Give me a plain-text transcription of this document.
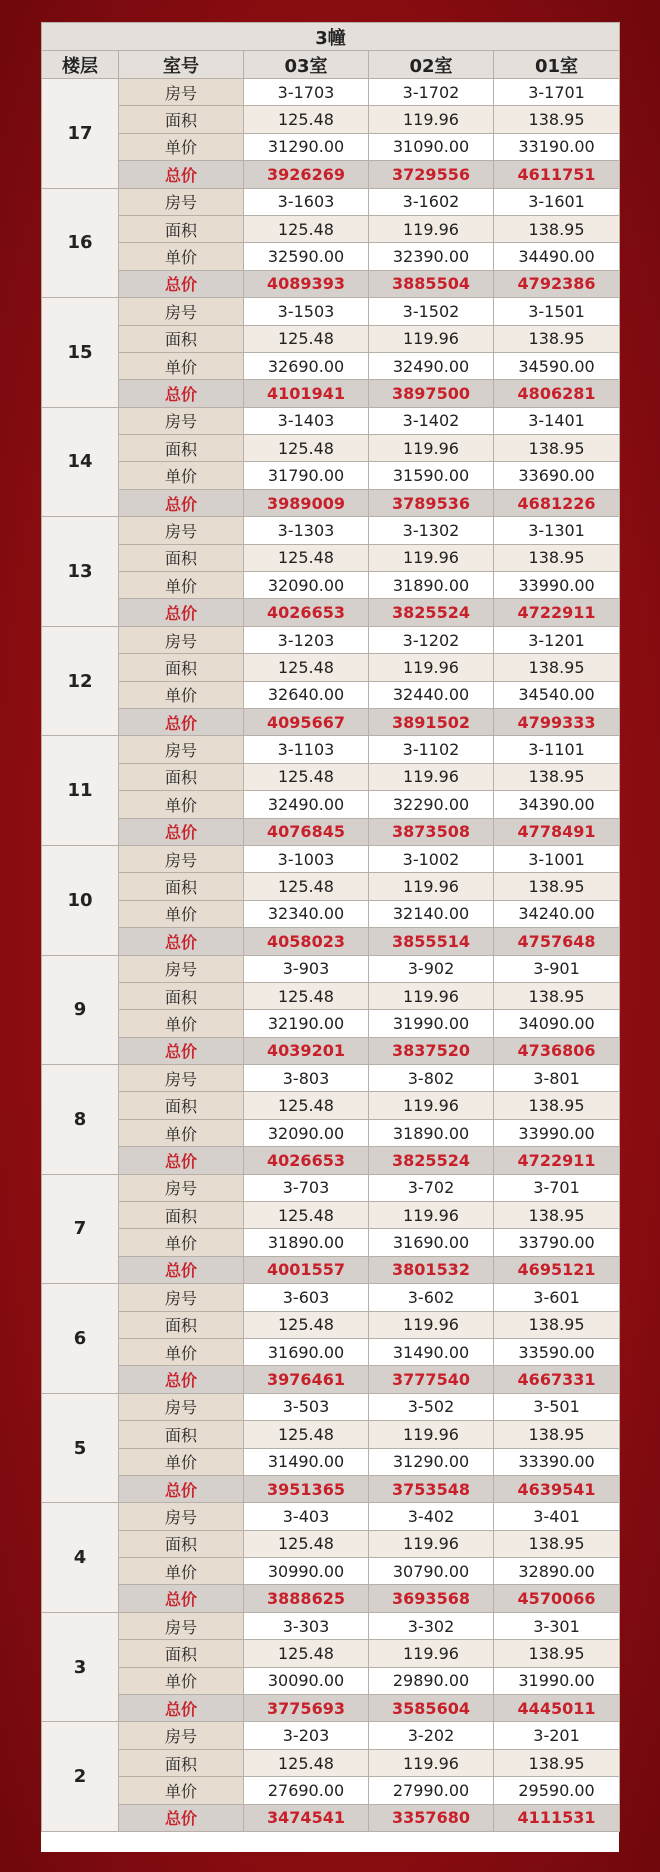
3幢				
楼层	室号	03室	02室	01室
17	房号	3-1703	3-1702	3-1701
	面积	125.48	119.96	138.95
	单价	31290.00	31090.00	33190.00
	总价	3926269	3729556	4611751
16	房号	3-1603	3-1602	3-1601
	面积	125.48	119.96	138.95
	单价	32590.00	32390.00	34490.00
	总价	4089393	3885504	4792386
15	房号	3-1503	3-1502	3-1501
	面积	125.48	119.96	138.95
	单价	32690.00	32490.00	34590.00
	总价	4101941	3897500	4806281
14	房号	3-1403	3-1402	3-1401
	面积	125.48	119.96	138.95
	单价	31790.00	31590.00	33690.00
	总价	3989009	3789536	4681226
13	房号	3-1303	3-1302	3-1301
	面积	125.48	119.96	138.95
	单价	32090.00	31890.00	33990.00
	总价	4026653	3825524	4722911
12	房号	3-1203	3-1202	3-1201
	面积	125.48	119.96	138.95
	单价	32640.00	32440.00	34540.00
	总价	4095667	3891502	4799333
11	房号	3-1103	3-1102	3-1101
	面积	125.48	119.96	138.95
	单价	32490.00	32290.00	34390.00
	总价	4076845	3873508	4778491
10	房号	3-1003	3-1002	3-1001
	面积	125.48	119.96	138.95
	单价	32340.00	32140.00	34240.00
	总价	4058023	3855514	4757648
9	房号	3-903	3-902	3-901
	面积	125.48	119.96	138.95
	单价	32190.00	31990.00	34090.00
	总价	4039201	3837520	4736806
8	房号	3-803	3-802	3-801
	面积	125.48	119.96	138.95
	单价	32090.00	31890.00	33990.00
	总价	4026653	3825524	4722911
7	房号	3-703	3-702	3-701
	面积	125.48	119.96	138.95
	单价	31890.00	31690.00	33790.00
	总价	4001557	3801532	4695121
6	房号	3-603	3-602	3-601
	面积	125.48	119.96	138.95
	单价	31690.00	31490.00	33590.00
	总价	3976461	3777540	4667331
5	房号	3-503	3-502	3-501
	面积	125.48	119.96	138.95
	单价	31490.00	31290.00	33390.00
	总价	3951365	3753548	4639541
4	房号	3-403	3-402	3-401
	面积	125.48	119.96	138.95
	单价	30990.00	30790.00	32890.00
	总价	3888625	3693568	4570066
3	房号	3-303	3-302	3-301
	面积	125.48	119.96	138.95
	单价	30090.00	29890.00	31990.00
	总价	3775693	3585604	4445011
2	房号	3-203	3-202	3-201
	面积	125.48	119.96	138.95
	单价	27690.00	27990.00	29590.00
	总价	3474541	3357680	4111531
